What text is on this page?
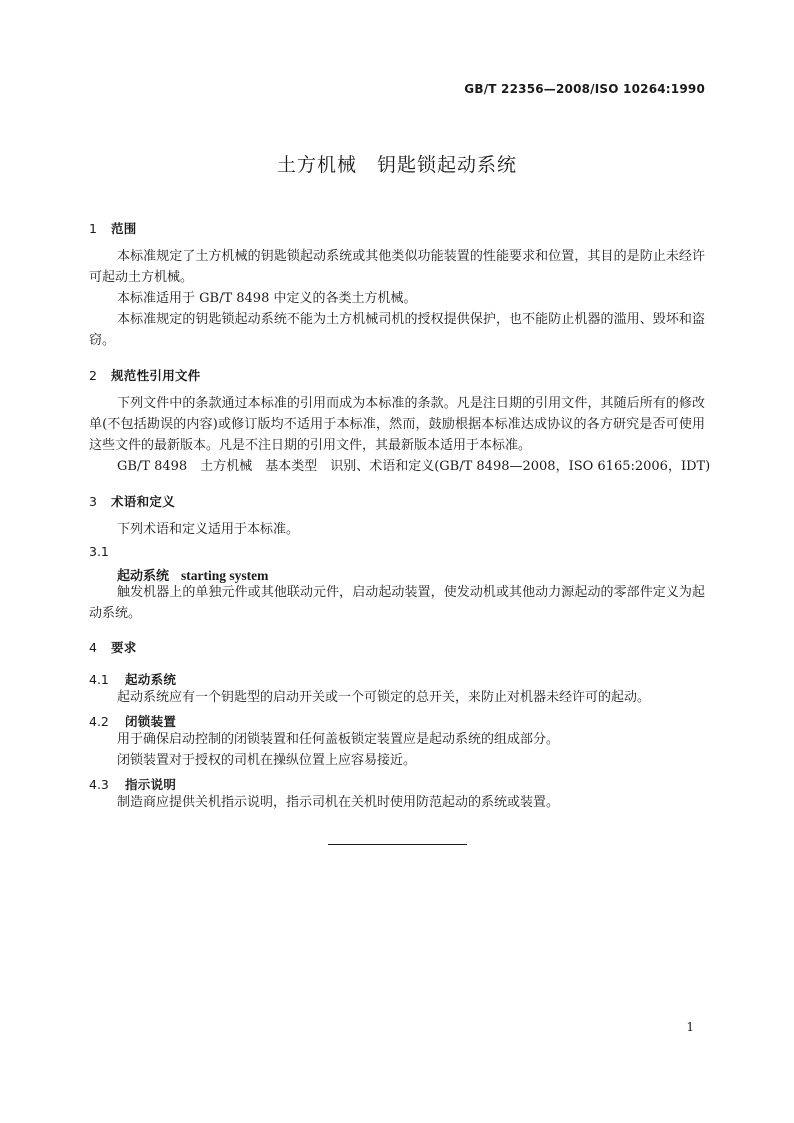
GB/T 22356—2008/ISO 10264:1990
土方机械　钥匙锁起动系统
1 范围
本标准规定了土方机械的钥匙锁起动系统或其他类似功能装置的性能要求和位置，其目的是防止未经许可起动土方机械。
本标准适用于 GB/T 8498 中定义的各类土方机械。
本标准规定的钥匙锁起动系统不能为土方机械司机的授权提供保护，也不能防止机器的滥用、毁坏和盗窃。
2 规范性引用文件
下列文件中的条款通过本标准的引用而成为本标准的条款。凡是注日期的引用文件，其随后所有的修改单(不包括勘误的内容)或修订版均不适用于本标准，然而，鼓励根据本标准达成协议的各方研究是否可使用这些文件的最新版本。凡是不注日期的引用文件，其最新版本适用于本标准。
GB/T 8498　土方机械　基本类型　识别、术语和定义(GB/T 8498—2008，ISO 6165:2006，IDT)
3 术语和定义
下列术语和定义适用于本标准。
3.1
起动系统 starting system
触发机器上的单独元件或其他联动元件，启动起动装置，使发动机或其他动力源起动的零部件定义为起动系统。
4 要求
4.1 起动系统
起动系统应有一个钥匙型的启动开关或一个可锁定的总开关，来防止对机器未经许可的起动。
4.2 闭锁装置
用于确保启动控制的闭锁装置和任何盖板锁定装置应是起动系统的组成部分。
闭锁装置对于授权的司机在操纵位置上应容易接近。
4.3 指示说明
制造商应提供关机指示说明，指示司机在关机时使用防范起动的系统或装置。
1
